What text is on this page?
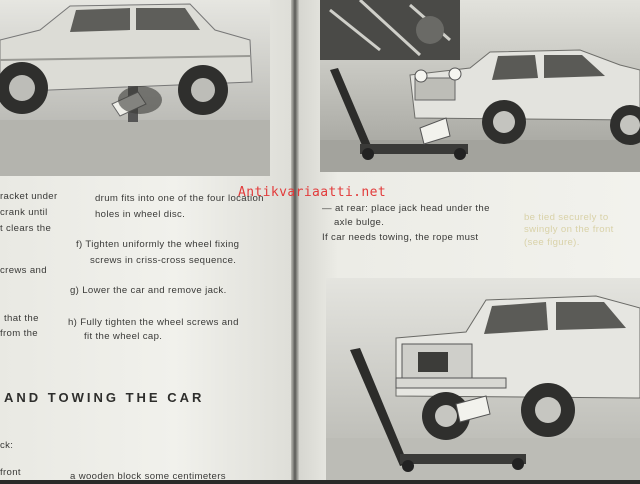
racket under

crank until

t clears the

crews and

that the

from the

ck:

front

drum fits into one of the four location

holes in wheel disc.

f) Tighten uniformly the wheel fixing

screws in criss-cross sequence.

g) Lower the car and remove jack.

h) Fully tighten the wheel screws and

fit the wheel cap.

a wooden block some centimeters

AND TOWING THE CAR

Antikvariaatti.net

— at rear: place jack head under the

axle bulge.

If car needs towing, the rope must

be tied securely to

swingly on the front

(see figure).
